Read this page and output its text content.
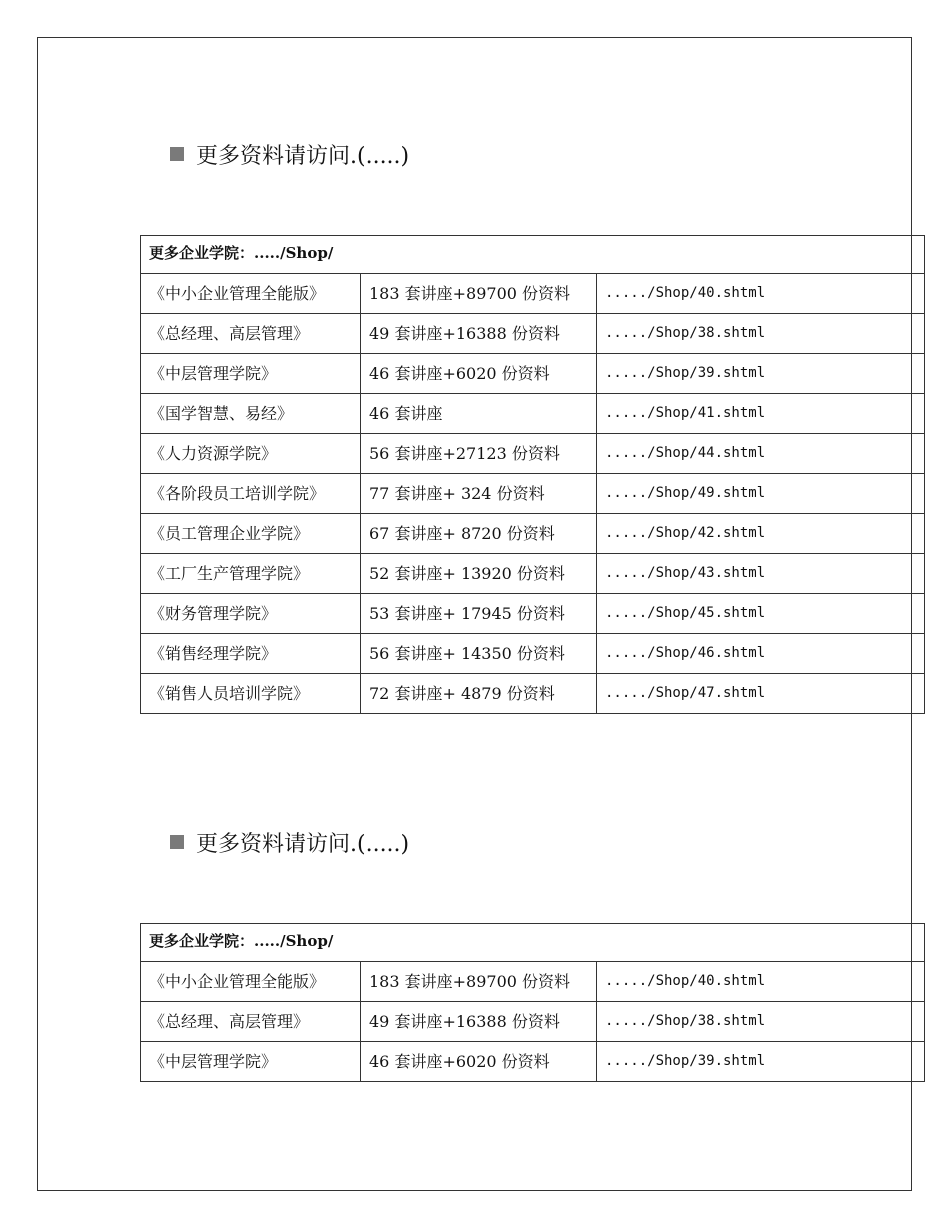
更多资料请访问.(.....)
更多企业学院：...../Shop/			
《中小企业管理全能版》	183 套讲座+89700 份资料	...../Shop/40.shtml	
《总经理、高层管理》	49 套讲座+16388 份资料	...../Shop/38.shtml	
《中层管理学院》	46 套讲座+6020 份资料	...../Shop/39.shtml	
《国学智慧、易经》	46 套讲座	...../Shop/41.shtml	
《人力资源学院》	56 套讲座+27123 份资料	...../Shop/44.shtml	
《各阶段员工培训学院》	77 套讲座+ 324 份资料	...../Shop/49.shtml	
《员工管理企业学院》	67 套讲座+ 8720 份资料	...../Shop/42.shtml	
《工厂生产管理学院》	52 套讲座+ 13920 份资料	...../Shop/43.shtml	
《财务管理学院》	53 套讲座+ 17945 份资料	...../Shop/45.shtml	
《销售经理学院》	56 套讲座+ 14350 份资料	...../Shop/46.shtml	
《销售人员培训学院》	72 套讲座+ 4879 份资料	...../Shop/47.shtml	
更多资料请访问.(.....)
更多企业学院：...../Shop/			
《中小企业管理全能版》	183 套讲座+89700 份资料	...../Shop/40.shtml	
《总经理、高层管理》	49 套讲座+16388 份资料	...../Shop/38.shtml	
《中层管理学院》	46 套讲座+6020 份资料	...../Shop/39.shtml	
